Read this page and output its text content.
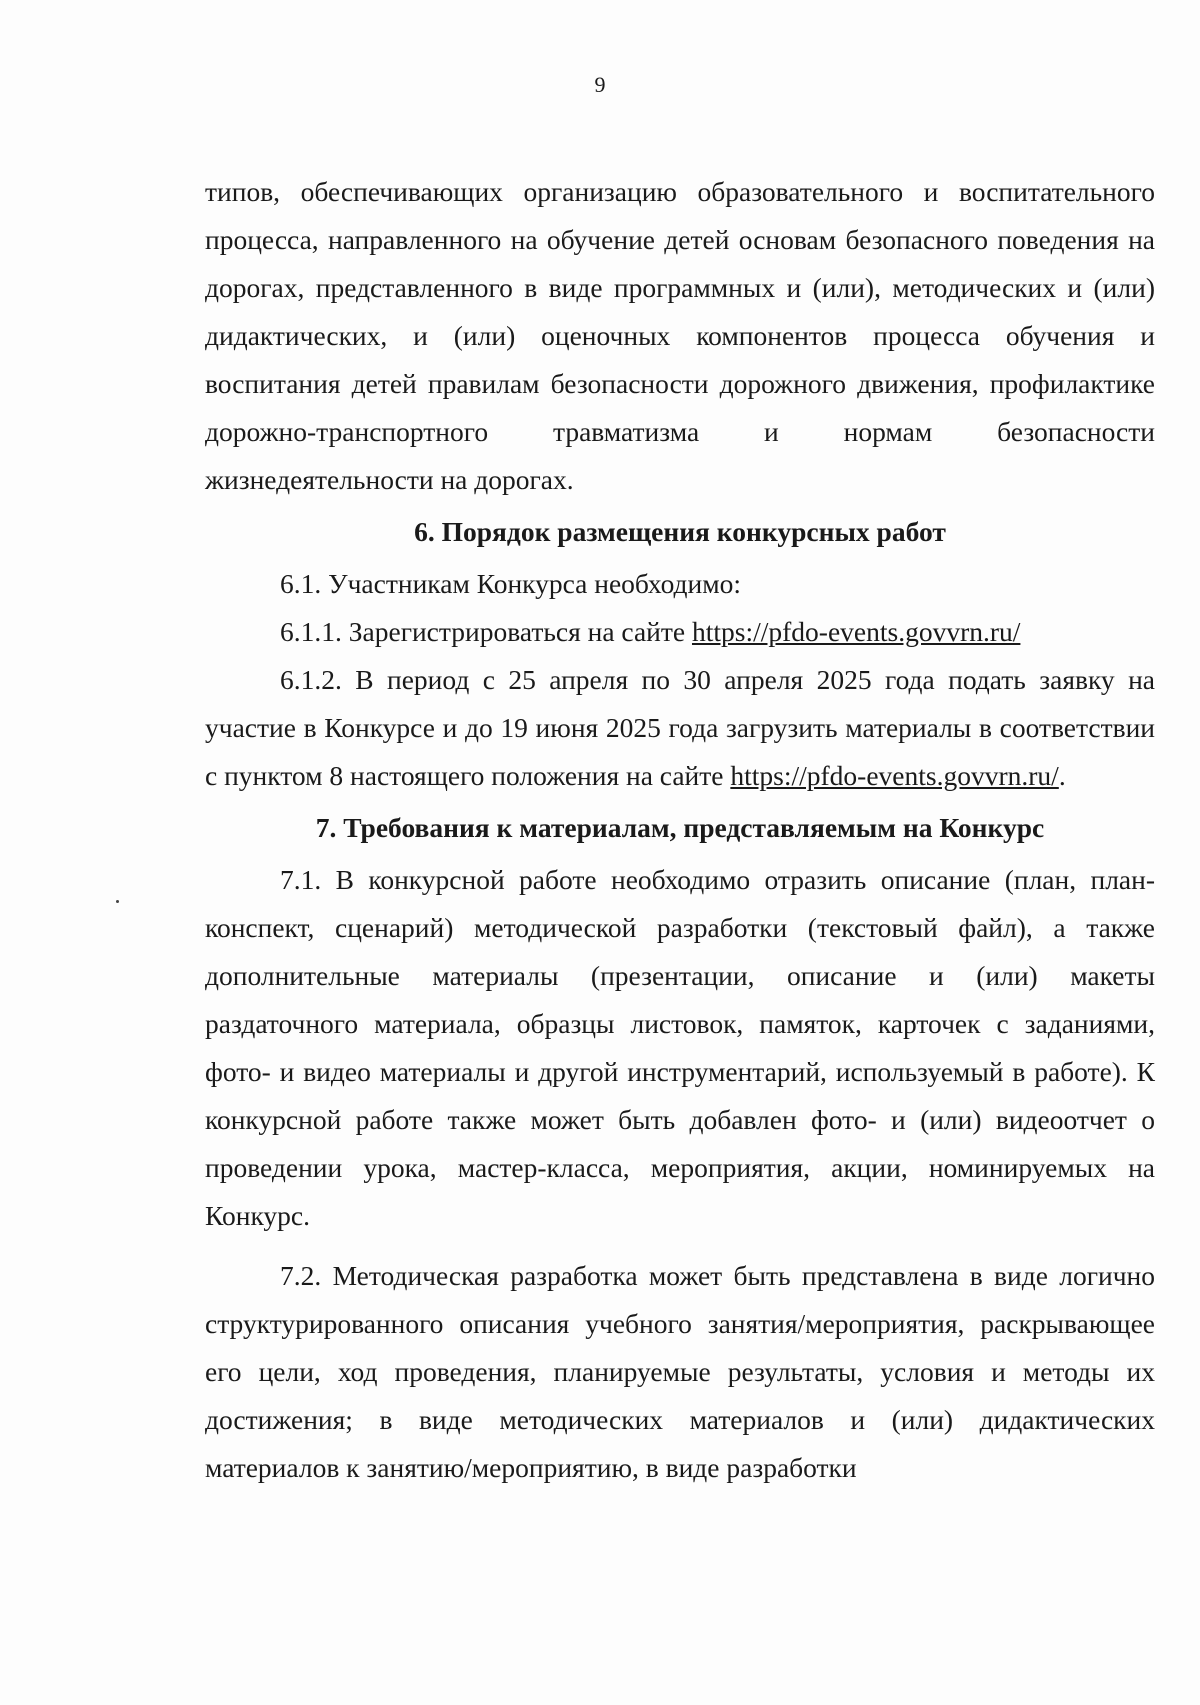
9

типов, обеспечивающих организацию образовательного и воспитательного процесса, направленного на обучение детей основам безопасного поведения на дорогах, представленного в виде программных и (или), методических и (или) дидактических, и (или) оценочных компонентов процесса обучения и воспитания детей правилам безопасности дорожного движения, профилактике дорожно-транспортного травматизма и нормам безопасности жизнедеятельности на дорогах.

6. Порядок размещения конкурсных работ

6.1. Участникам Конкурса необходимо:

6.1.1. Зарегистрироваться на сайте https://pfdo-events.govvrn.ru/

6.1.2. В период с 25 апреля по 30 апреля 2025 года подать заявку на участие в Конкурсе и до 19 июня 2025 года загрузить материалы в соответствии с пунктом 8 настоящего положения на сайте https://pfdo-events.govvrn.ru/.

7. Требования к материалам, представляемым на Конкурс

7.1. В конкурсной работе необходимо отразить описание (план, план-конспект, сценарий) методической разработки (текстовый файл), а также дополнительные материалы (презентации, описание и (или) макеты раздаточного материала, образцы листовок, памяток, карточек с заданиями, фото- и видео материалы и другой инструментарий, используемый в работе). К конкурсной работе также может быть добавлен фото- и (или) видеоотчет о проведении урока, мастер-класса, мероприятия, акции, номинируемых на Конкурс.

7.2. Методическая разработка может быть представлена в виде логично структурированного описания учебного занятия/мероприятия, раскрывающее его цели, ход проведения, планируемые результаты, условия и методы их достижения; в виде методических материалов и (или) дидактических материалов к занятию/мероприятию, в виде разработки
